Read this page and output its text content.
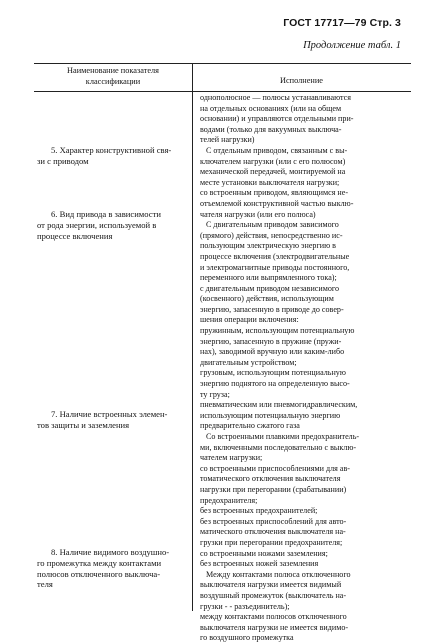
ГОСТ 17717—79 Стр. 3
Продолжение табл. 1
Наименование показателя
классификации	Исполнение
5. Характер конструктивной свя-
зи с приводом
6. Вид привода в зависимости
от рода энергии, используемой в
процессе включения
7. Наличие встроенных элемен-
тов защиты и заземления
8. Наличие видимого воздушно-
го промежутка между контактами
полюсов отключенного выключа-
теля

однополюсное — полюсы устанавливаются

на отдельных основаниях (или на общем

основании) и управляются отдельными при-

водами (только для вакуумных выключа-

телей нагрузки)

С отдельным приводом, связанным с вы-

ключателем нагрузки (или с его полюсом)

механической передачей, монтируемой на

месте установки выключателя нагрузки;

со встроенным приводом, являющимся не-

отъемлемой конструктивной частью выклю-

чателя нагрузки (или его полюса)

С двигательным приводом зависимого

(прямого) действия, непосредственно ис-

пользующим электрическую энергию в

процессе включения (электродвигательные

и электромагнитные приводы постоянного,

переменного или выпрямленного тока);

с двигательным приводом независимого

(косвенного) действия, использующим

энергию, запасенную в приводе до совер-

шения операции включения:

пружинным, использующим потенциальную

энергию, запасенную в пружине (пружи-

нах), заводимой вручную или каким-либо

двигательным устройством;

грузовым, использующим потенциальную

энергию поднятого на определенную высо-

ту груза;

пневматическим или пневмогидравлическим,

использующим потенциальную энергию

предварительно сжатого газа

Со встроенными плавкими предохранитель-

ми, включенными последовательно с выклю-

чателем нагрузки;

со встроенными приспособлениями для ав-

томатического отключения выключателя

нагрузки при перегорании (срабатывании)

предохранителя;

без встроенных предохранителей;

без встроенных приспособлений для авто-

матического отключения выключателя на-

грузки при перегорании предохранителя;

со встроенными ножами заземления;

без встроенных ножей заземления

Между контактами полюса отключенного

выключателя нагрузки имеется видимый

воздушный промежуток (выключатель на-

грузки - - разъединитель);

между контактами полюсов отключенного

выключателя нагрузки не имеется видимо-

го воздушного промежутка
